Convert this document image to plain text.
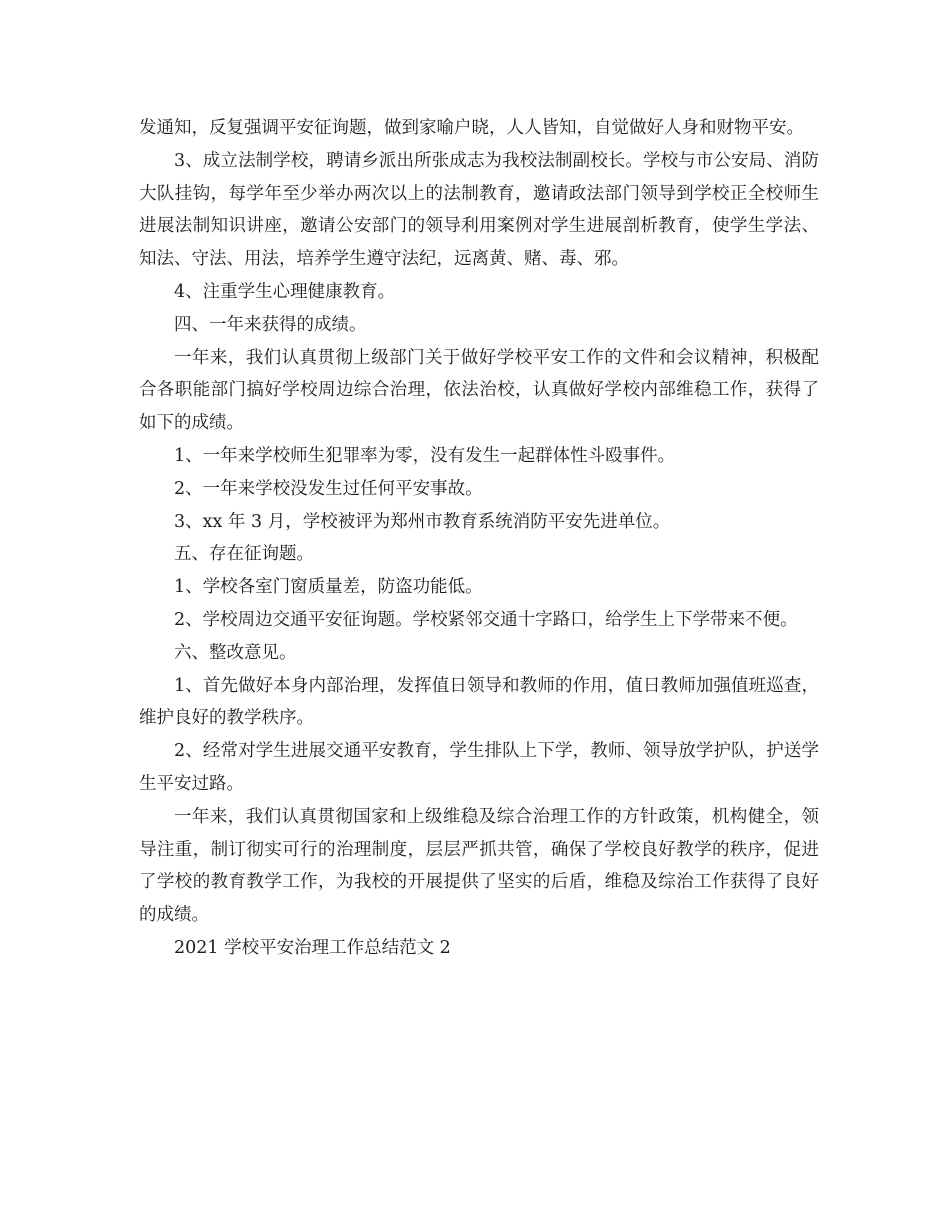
发通知，反复强调平安征询题，做到家喻户晓，人人皆知，自觉做好人身和财物平安。

3、成立法制学校，聘请乡派出所张成志为我校法制副校长。学校与市公安局、消防大队挂钩，每学年至少举办两次以上的法制教育，邀请政法部门领导到学校正全校师生进展法制知识讲座，邀请公安部门的领导利用案例对学生进展剖析教育，使学生学法、知法、守法、用法，培养学生遵守法纪，远离黄、赌、毒、邪。

4、注重学生心理健康教育。

四、一年来获得的成绩。

一年来，我们认真贯彻上级部门关于做好学校平安工作的文件和会议精神，积极配合各职能部门搞好学校周边综合治理，依法治校，认真做好学校内部维稳工作，获得了如下的成绩。

1、一年来学校师生犯罪率为零，没有发生一起群体性斗殴事件。

2、一年来学校没发生过任何平安事故。

3、xx 年 3 月，学校被评为郑州市教育系统消防平安先进单位。

五、存在征询题。

1、学校各室门窗质量差，防盗功能低。

2、学校周边交通平安征询题。学校紧邻交通十字路口，给学生上下学带来不便。

六、整改意见。

1、首先做好本身内部治理，发挥值日领导和教师的作用，值日教师加强值班巡查，维护良好的教学秩序。

2、经常对学生进展交通平安教育，学生排队上下学，教师、领导放学护队，护送学生平安过路。

一年来，我们认真贯彻国家和上级维稳及综合治理工作的方针政策，机构健全，领导注重，制订彻实可行的治理制度，层层严抓共管，确保了学校良好教学的秩序，促进了学校的教育教学工作，为我校的开展提供了坚实的后盾，维稳及综治工作获得了良好的成绩。

2021 学校平安治理工作总结范文 2
